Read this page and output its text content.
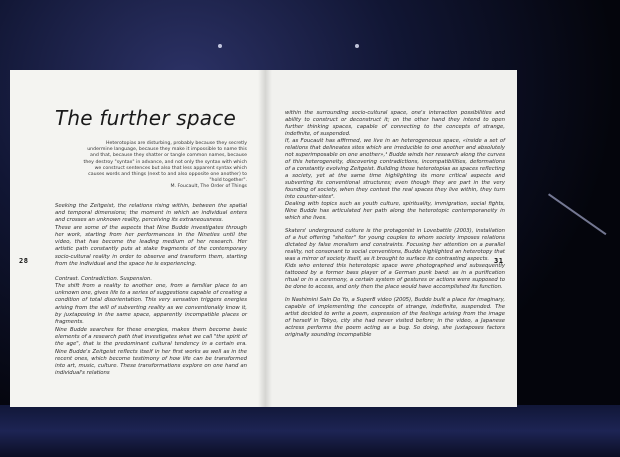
The further space
Heterotopias are disturbing, probably because they secretly
undermine language, because they make it impossible to name this
and that, because they shatter or tangle common names, because
they destroy "syntax" in advance, and not only the syntax with which
we construct sentences but also that less apparent syntax which
causes words and things (next to and also opposite one another) to
"hold together".
M. Foucault, The Order of Things
Seeking the Zeitgeist, the relations rising within, between the spatial and temporal dimensions; the moment in which an individual enters and crosses an unknown reality, perceiving its extraneousness.
These are some of the aspects that Nine Budde investigates through her work, starting from her performances in the Nineties until the video, that has become the leading medium of her research. Her artistic path constantly puts at stake fragments of the contemporary socio-cultural reality in order to observe and transform them, starting from the individual and the space he is experiencing.
Contrast. Contradiction. Suspension.
The shift from a reality to another one, from a familiar place to an unknown one, gives life to a series of suggestions capable of creating a condition of total disorientation. This very sensation triggers energies arising from the will of subverting reality as we conventionally know it, by juxtaposing in the same space, apparently incompatible places or fragments.
Nine Budde searches for these energies, makes them become basic elements of a research path that investigates what we call "the spirit of the age", that is the predominant cultural tendency in a certain era. Nine Budde's Zeitgeist reflects itself in her first works as well as in the recent ones, which become testimony of how life can be transformed into art, music, culture. These transformations explore on one hand an individual's relations
within the surrounding socio-cultural space, one's interaction possibilities and ability to construct or deconstruct it; on the other hand they intend to open further thinking spaces, capable of connecting to the concepts of strange, indefinite, of suspended.
If, as Foucault has affirmed, we live in an heterogeneous space, «inside a set of relations that delineates sites which are irreducible to one another and absolutely not superimposable on one another»,¹ Budde winds her research along the curves of this heterogeneity, discovering contradictions, incompatibilities, deformations of a constantly evolving Zeitgeist. Building those heterotopias as spaces reflecting a society, yet at the same time highlighting its more critical aspects and subverting its conventional structures; even though they are part in the very founding of society, when they contest the real spaces they live within, they turn into counter-sites².
Dealing with topics such as youth culture, spirituality, immigration, social fights, Nine Budde has articulated her path along the heterotopic contemporaneity in which she lives.
Skaters' underground culture is the protagonist in Lovebattle (2003), installation of a hut offering "shelter" for young couples to whom society imposes relations dictated by false moralism and constraints. Focusing her attention on a parallel reality, not consonant to social conventions, Budde highlighted an heterotopy that was a mirror of society itself, as it brought to surface its contrasting aspects.
Kids who entered this heterotopic space were photographed and subsequently tattooed by a former bass player of a German punk band: as in a purification ritual or in a ceremony, a certain system of gestures or actions were supposed to be done to access, and only then the place would have accomplished its function.
In Nashimini Sain Do Yo, a Super8 video (2005), Budde built a place for imaginary, capable of implementing the concepts of strange, indefinite, suspended. The artist decided to write a poem, expression of the feelings arising from the image of herself in Tokyo, city she had never visited before; in the video, a Japanese actress performs the poem acting as a bug. So doing, she juxtaposes factors originally sounding incompatible
28	31
